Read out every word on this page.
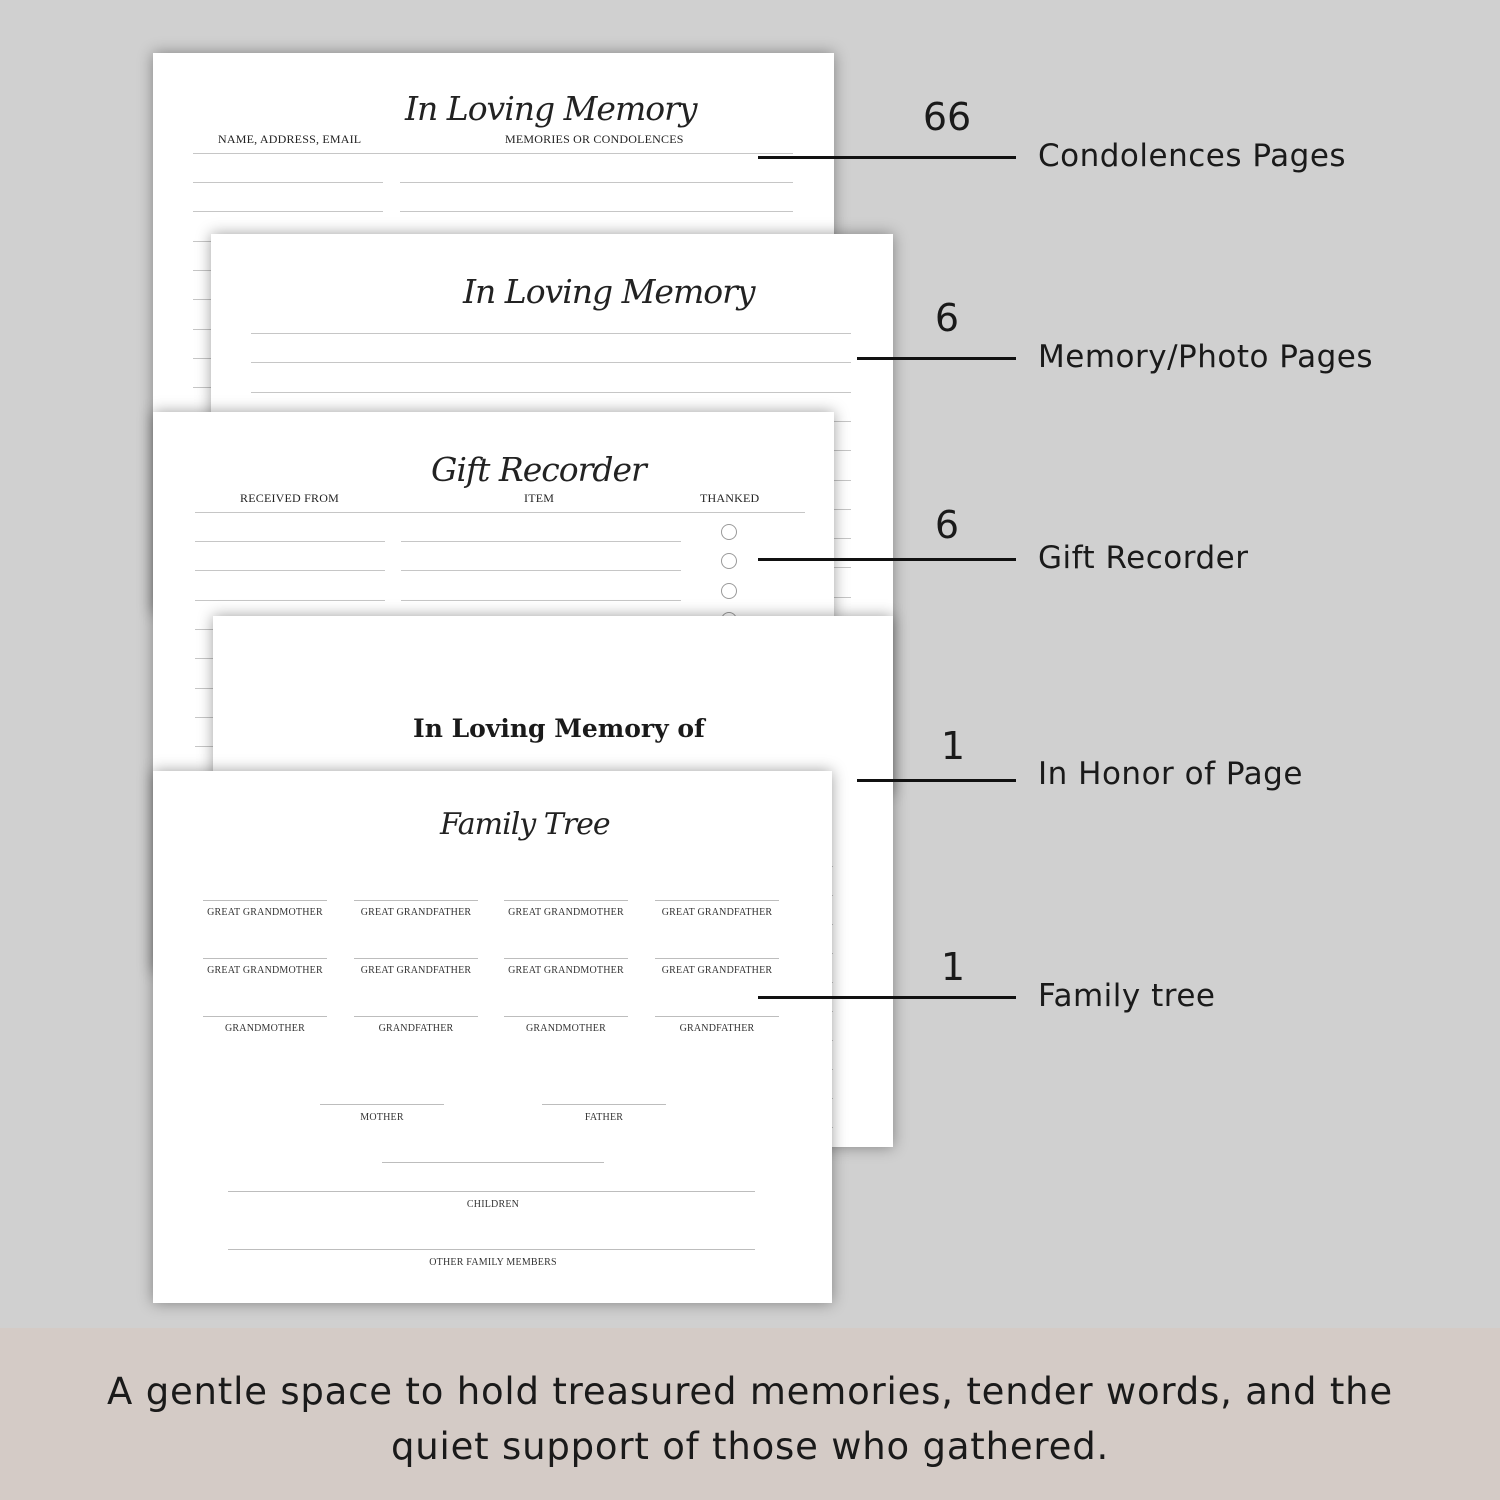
In Loving Memory
NAME, ADDRESS, EMAIL	MEMORIES OR CONDOLENCES
In Loving Memory
Gift Recorder
RECEIVED FROM	ITEM	THANKED
In Loving Memory of
Family Tree
GREAT GRANDMOTHER	GREAT GRANDFATHER	GREAT GRANDMOTHER	GREAT GRANDFATHER
GREAT GRANDMOTHER	GREAT GRANDFATHER	GREAT GRANDMOTHER	GREAT GRANDFATHER
GRANDMOTHER	GRANDFATHER	GRANDMOTHER	GRANDFATHER
MOTHER	FATHER
CHILDREN
OTHER FAMILY MEMBERS
66
Condolences Pages
6
Memory/Photo Pages
6
Gift Recorder
1
In Honor of Page
1
Family tree
A gentle space to hold treasured memories, tender words, and the
quiet support of those who gathered.
